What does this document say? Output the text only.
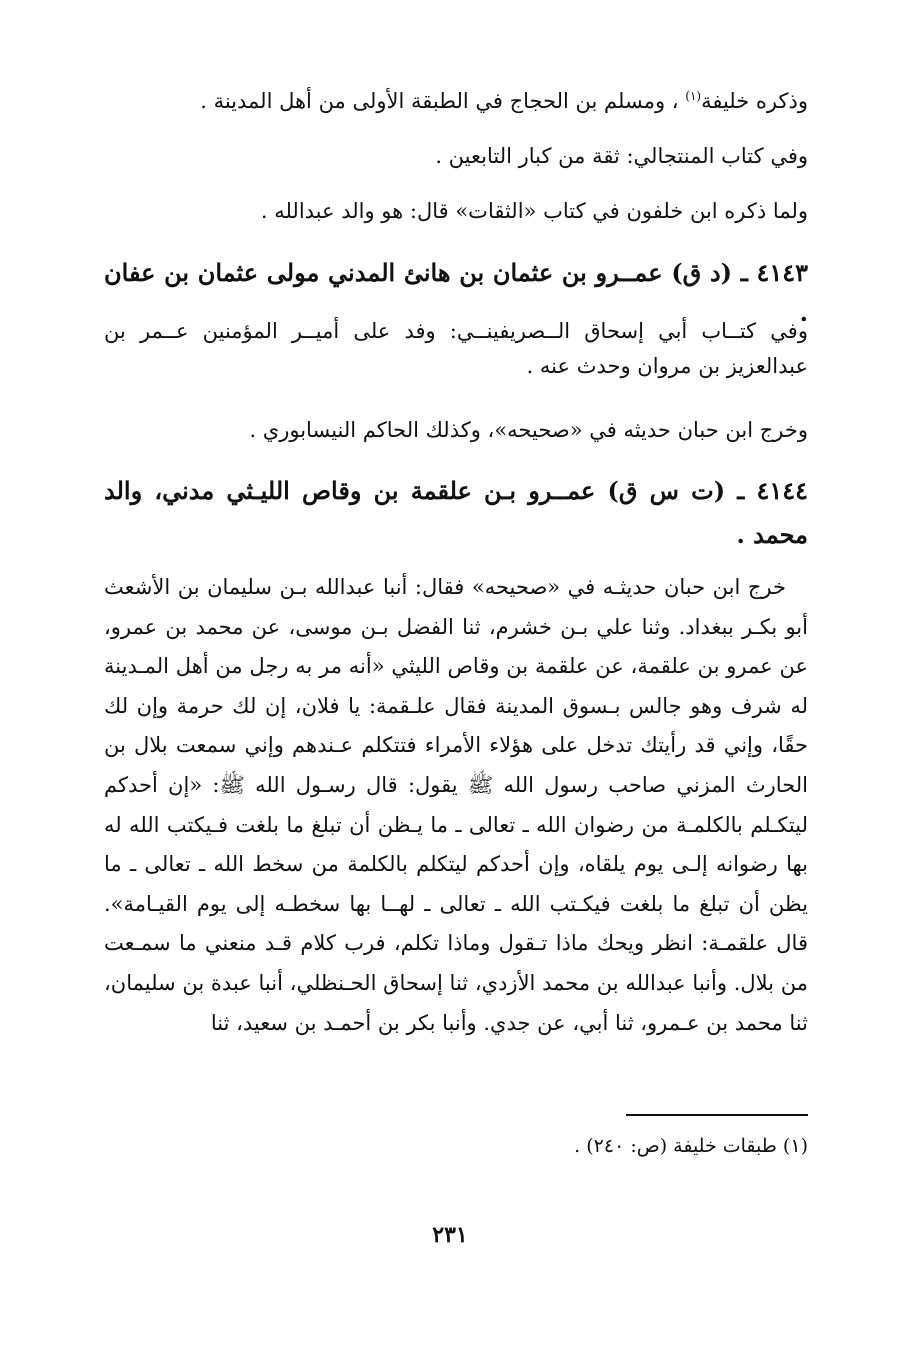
وذكره خليفة$^{(١)}$ ، ومسلم بن الحجاج في الطبقة الأولى من أهل المدينة .
وفي كتاب المنتجالي: ثقة من كبار التابعين .
ولما ذكره ابن خلفون في كتاب «الثقات» قال: هو والد عبدالله .
٤١٤٣ ـ (د ق) عمــرو بن عثمان بن هانئ المدني مولى عثمان بن عفان .
وفي كتــاب أبي إسحاق الــصريفينــي: وفد على أميــر المؤمنين عــمر بن عبدالعزيز بن مروان وحدث عنه .
وخرج ابن حبان حديثه في «صحيحه»، وكذلك الحاكم النيسابوري .
٤١٤٤ ـ (ت س ق) عمــرو بـن علقمة بن وقاص الليـثي مدني، والد محمد .
خرج ابن حبان حديثـه في «صحيحه» فقال: أنبا عبدالله بـن سليمان بن الأشعث أبو بكـر ببغداد. وثنا علي بـن خشرم، ثنا الفضل بـن موسى، عن محمد بن عمرو، عن عمرو بن علقمة، عن علقمة بن وقاص الليثي «أنه مر به رجل من أهل المـدينة له شرف وهو جالس بـسوق المدينة فقال علـقمة: يا فلان، إن لك حرمة وإن لك حقًا، وإني قد رأيتك تدخل على هؤلاء الأمراء فتتكلم عـندهم وإني سمعت بلال بن الحارث المزني صاحب رسول الله ﷺ يقول: قال رسـول الله ﷺ: «إن أحدكم ليتكـلم بالكلمـة من رضوان الله ـ تعالى ـ ما يـظن أن تبلغ ما بلغت فـيكتب الله له بها رضوانه إلـى يوم يلقاه، وإن أحدكم ليتكلم بالكلمة من سخط الله ـ تعالى ـ ما يظن أن تبلغ ما بلغت فيكـتب الله ـ تعالى ـ لهــا بها سخطـه إلى يوم القيـامة». قال علقمـة: انظر ويحك ماذا تـقول وماذا تكلم، فرب كلام قـد منعني ما سمـعت من بلال. وأنبا عبدالله بن محمد الأزدي، ثنا إسحاق الحـنظلي، أنبا عبدة بن سليمان، ثنا محمد بن عـمرو، ثنا أبي، عن جدي. وأنبا بكر بن أحمـد بن سعيد، ثنا
(١) طبقات خليفة (ص: ٢٤٠) .
٢٣١
